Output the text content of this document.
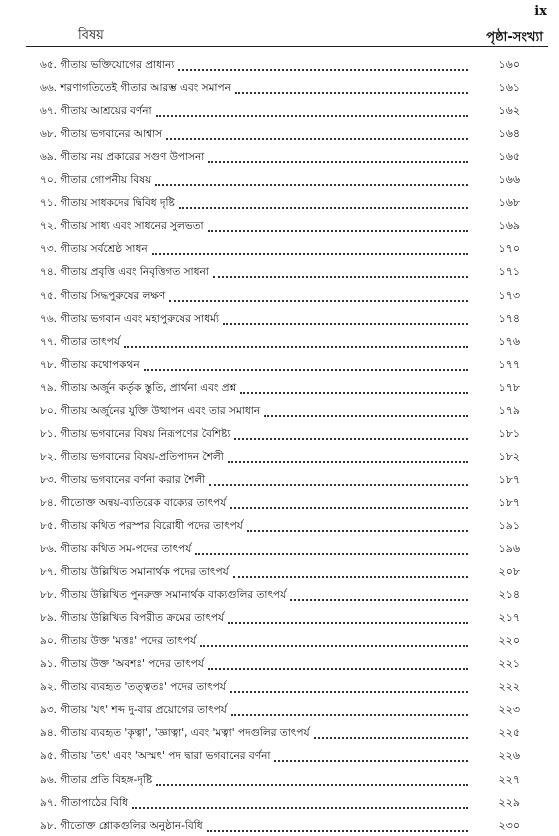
ix
বিষয়	পৃষ্ঠা-সংখ্যা
৬৫. গীতায় ভক্তিযোগের প্রাধান্য	১৬০
৬৬. শরণাগতিতেই গীতার আরম্ভ এবং সমাপন	১৬১
৬৭. গীতায় আশ্রয়ের বর্ণনা	১৬২
৬৮. গীতায় ভগবানের আশ্বাস	১৬৪
৬৯. গীতায় নয় প্রকারের সগুণ উপাসনা	১৬৫
৭০. গীতার গোপনীয় বিষয়	১৬৬
৭১. গীতায় সাধকদের দ্বিবিধ দৃষ্টি	১৬৮
৭২. গীতায় সাধ্য এবং সাধনের সুলভতা	১৬৯
৭৩. গীতায় সর্বশ্রেষ্ঠ সাধন	১৭০
৭৪. গীতায় প্রবৃত্তি এবং নিবৃত্তিগত সাধনা	১৭১
৭৫. গীতায় সিদ্ধপুরুষের লক্ষণ	১৭৩
৭৬. গীতায় ভগবান এবং মহাপুরুষের সাধর্ম্য	১৭৪
৭৭. গীতার তাৎপর্য	১৭৬
৭৮. গীতায় কথোপকথন	১৭৭
৭৯. গীতায় অর্জুন কর্তৃক স্তুতি, প্রার্থনা এবং প্রশ্ন	১৭৮
৮০. গীতায় অর্জুনের যুক্তি উত্থাপন এবং তার সমাধান	১৭৯
৮১. গীতায় ভগবানের বিষয় নিরূপণের বৈশিষ্ট্য	১৮১
৮২. গীতায় ভগবানের বিষয়-প্রতিপাদন শৈলী	১৮২
৮৩. গীতায় ভগবানের বর্ণনা করার শৈলী	১৮৭
৮৪. গীতোক্ত অন্বয়-ব্যতিরেক বাক্যের তাৎপর্য	১৮৭
৮৫. গীতায় কথিত পরস্পর বিরোধী পদের তাৎপর্য	১৯১
৮৬. গীতায় কথিত সম-পদের তাৎপর্য	১৯৬
৮৭. গীতায় উল্লিখিত সমানার্থক পদের তাৎপর্য	২০৮
৮৮. গীতায় উল্লিখিত পুনরুক্ত সমানার্থক বাক্যগুলির তাৎপর্য	২১৪
৮৯. গীতায় উল্লিখিত বিপরীত ক্রমের তাৎপর্য	২১৭
৯০. গীতায় উক্ত 'মত্তঃ' পদের তাৎপর্য	২২০
৯১. গীতায় উক্ত 'অবশঃ' পদের তাৎপর্য	২২১
৯২. গীতায় ব্যবহৃত 'তত্ত্বতঃ' পদের তাৎপর্য	২২২
৯৩. গীতায় 'যৎ' শব্দ দু-বার প্রয়োগের তাৎপর্য	২২৩
৯৪. গীতায় ব্যবহৃত 'কৃত্বা', 'জ্ঞাত্বা', এবং 'মত্বা' পদগুলির তাৎপর্য	২২৫
৯৫. গীতায় 'তৎ' এবং 'অস্মৎ' পদ দ্বারা ভগবানের বর্ণনা	২২৬
৯৬. গীতার প্রতি বিহঙ্গ-দৃষ্টি	২২৭
৯৭. গীতাপাঠের বিধি	২২৯
৯৮. গীতোক্ত শ্লোকগুলির অনুষ্ঠান-বিধি	২৩০
